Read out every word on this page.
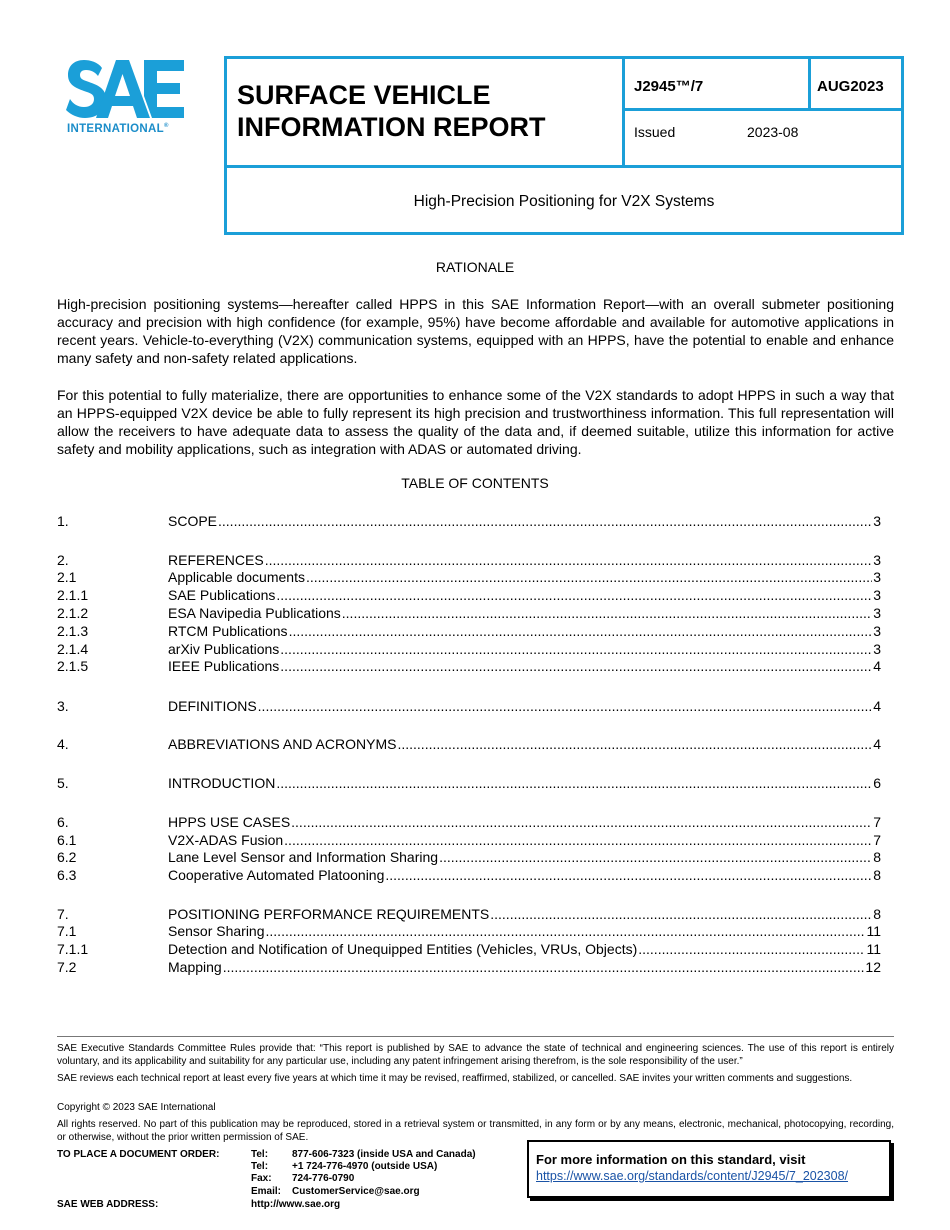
INTERNATIONAL®
SURFACE VEHICLE
INFORMATION REPORT
J2945™/7	AUG2023
Issued	2023-08
High-Precision Positioning for V2X Systems
RATIONALE
High-precision positioning systems—hereafter called HPPS in this SAE Information Report—with an overall submeter positioning accuracy and precision with high confidence (for example, 95%) have become affordable and available for automotive applications in recent years. Vehicle-to-everything (V2X) communication systems, equipped with an HPPS, have the potential to enable and enhance many safety and non-safety related applications.
For this potential to fully materialize, there are opportunities to enhance some of the V2X standards to adopt HPPS in such a way that an HPPS-equipped V2X device be able to fully represent its high precision and trustworthiness information. This full representation will allow the receivers to have adequate data to assess the quality of the data and, if deemed suitable, utilize this information for active safety and mobility applications, such as integration with ADAS or automated driving.
TABLE OF CONTENTS
1.	SCOPE .....	3
2.	REFERENCES .....	3
2.1	Applicable documents .....	3
2.1.1	SAE Publications .....	3
2.1.2	ESA Navipedia Publications .....	3
2.1.3	RTCM Publications .....	3
2.1.4	arXiv Publications .....	3
2.1.5	IEEE Publications .....	4
3.	DEFINITIONS .....	4
4.	ABBREVIATIONS AND ACRONYMS .....	4
5.	INTRODUCTION .....	6
6.	HPPS USE CASES .....	7
6.1	V2X-ADAS Fusion .....	7
6.2	Lane Level Sensor and Information Sharing .....	8
6.3	Cooperative Automated Platooning .....	8
7.	POSITIONING PERFORMANCE REQUIREMENTS .....	8
7.1	Sensor Sharing .....	11
7.1.1	Detection and Notification of Unequipped Entities (Vehicles, VRUs, Objects) .....	11
7.2	Mapping .....	12
SAE Executive Standards Committee Rules provide that: “This report is published by SAE to advance the state of technical and engineering sciences. The use of this report is entirely voluntary, and its applicability and suitability for any particular use, including any patent infringement arising therefrom, is the sole responsibility of the user.”
SAE reviews each technical report at least every five years at which time it may be revised, reaffirmed, stabilized, or cancelled. SAE invites your written comments and suggestions.
Copyright © 2023 SAE International
All rights reserved. No part of this publication may be reproduced, stored in a retrieval system or transmitted, in any form or by any means, electronic, mechanical, photocopying, recording, or otherwise, without the prior written permission of SAE.
TO PLACE A DOCUMENT ORDER:	Tel: 877-606-7323 (inside USA and Canada)
Tel: +1 724-776-4970 (outside USA)
Fax: 724-776-0790
Email: CustomerService@sae.org
SAE WEB ADDRESS:	http://www.sae.org
For more information on this standard, visit
https://www.sae.org/standards/content/J2945/7_202308/
